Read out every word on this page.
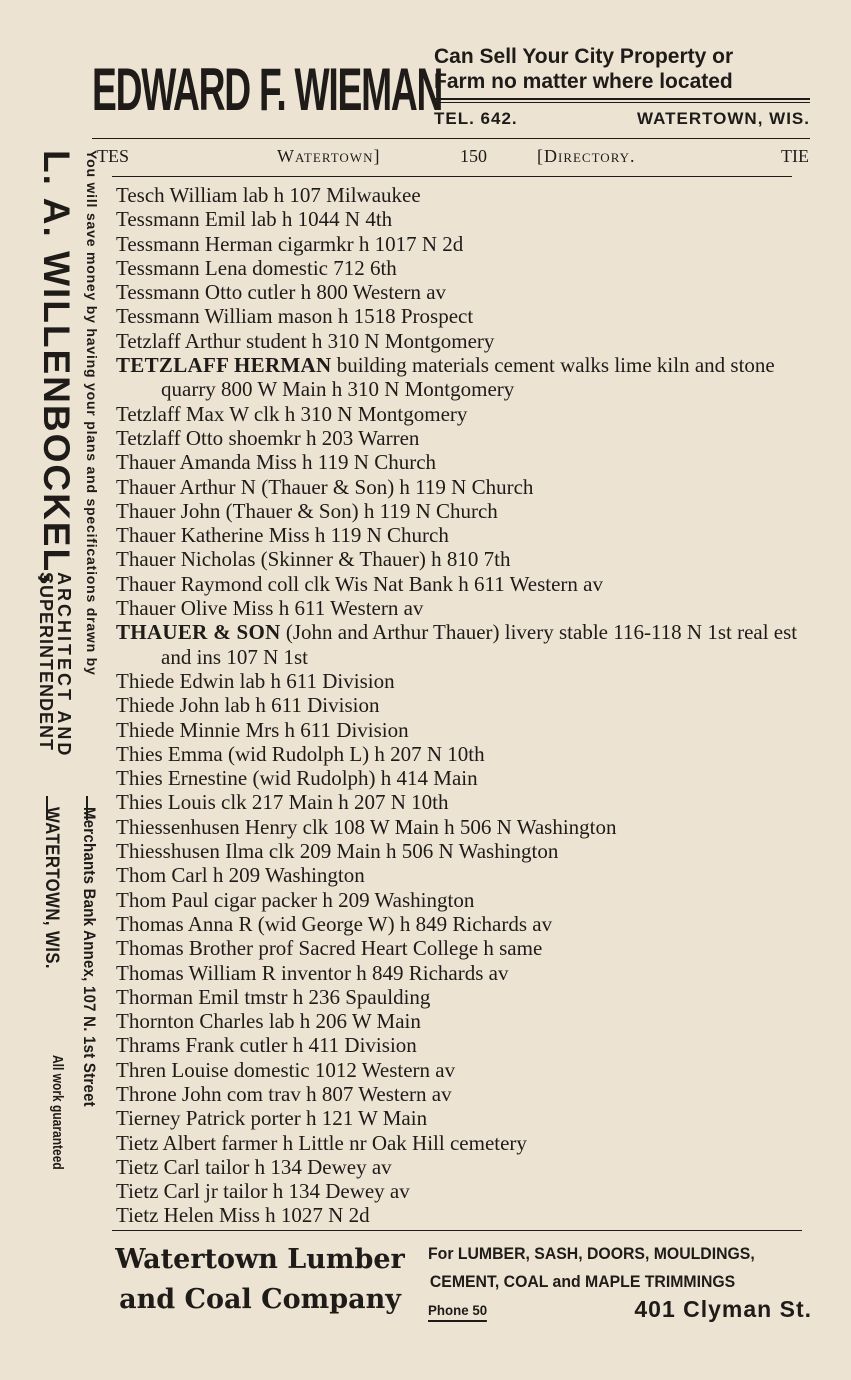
EDWARD F. WIEMAN
Can Sell Your City Property or
Farm no matter where located
TEL. 642.	WATERTOWN, WIS.
TES	Watertown]	150	[Directory.	TIE
Tesch William lab h 107 Milwaukee
Tessmann Emil lab h 1044 N 4th
Tessmann Herman cigarmkr h 1017 N 2d
Tessmann Lena domestic 712 6th
Tessmann Otto cutler h 800 Western av
Tessmann William mason h 1518 Prospect
Tetzlaff Arthur student h 310 N Montgomery
TETZLAFF HERMAN building materials cement walks lime kiln and stone quarry 800 W Main h 310 N Montgomery
Tetzlaff Max W clk h 310 N Montgomery
Tetzlaff Otto shoemkr h 203 Warren
Thauer Amanda Miss h 119 N Church
Thauer Arthur N (Thauer & Son) h 119 N Church
Thauer John (Thauer & Son) h 119 N Church
Thauer Katherine Miss h 119 N Church
Thauer Nicholas (Skinner & Thauer) h 810 7th
Thauer Raymond coll clk Wis Nat Bank h 611 Western av
Thauer Olive Miss h 611 Western av
THAUER & SON (John and Arthur Thauer) livery stable 116-118 N 1st real est and ins 107 N 1st
Thiede Edwin lab h 611 Division
Thiede John lab h 611 Division
Thiede Minnie Mrs h 611 Division
Thies Emma (wid Rudolph L) h 207 N 10th
Thies Ernestine (wid Rudolph) h 414 Main
Thies Louis clk 217 Main h 207 N 10th
Thiessenhusen Henry clk 108 W Main h 506 N Washington
Thiesshusen Ilma clk 209 Main h 506 N Washington
Thom Carl h 209 Washington
Thom Paul cigar packer h 209 Washington
Thomas Anna R (wid George W) h 849 Richards av
Thomas Brother prof Sacred Heart College h same
Thomas William R inventor h 849 Richards av
Thorman Emil tmstr h 236 Spaulding
Thornton Charles lab h 206 W Main
Thrams Frank cutler h 411 Division
Thren Louise domestic 1012 Western av
Throne John com trav h 807 Western av
Tierney Patrick porter h 121 W Main
Tietz Albert farmer h Little nr Oak Hill cemetery
Tietz Carl tailor h 134 Dewey av
Tietz Carl jr tailor h 134 Dewey av
Tietz Helen Miss h 1027 N 2d
L. A. WILLENBOCKEL,
ARCHITECT AND
SUPERINTENDENT You will save money by having your plans and specifications drawn by
Merchants Bank Annex, 107 N. 1st Street
WATERTOWN, WIS.
All work guaranteed
Watertown Lumber
and Coal Company
For LUMBER, SASH, DOORS, MOULDINGS,
CEMENT, COAL and MAPLE TRIMMINGS
Phone 50	401 Clyman St.
